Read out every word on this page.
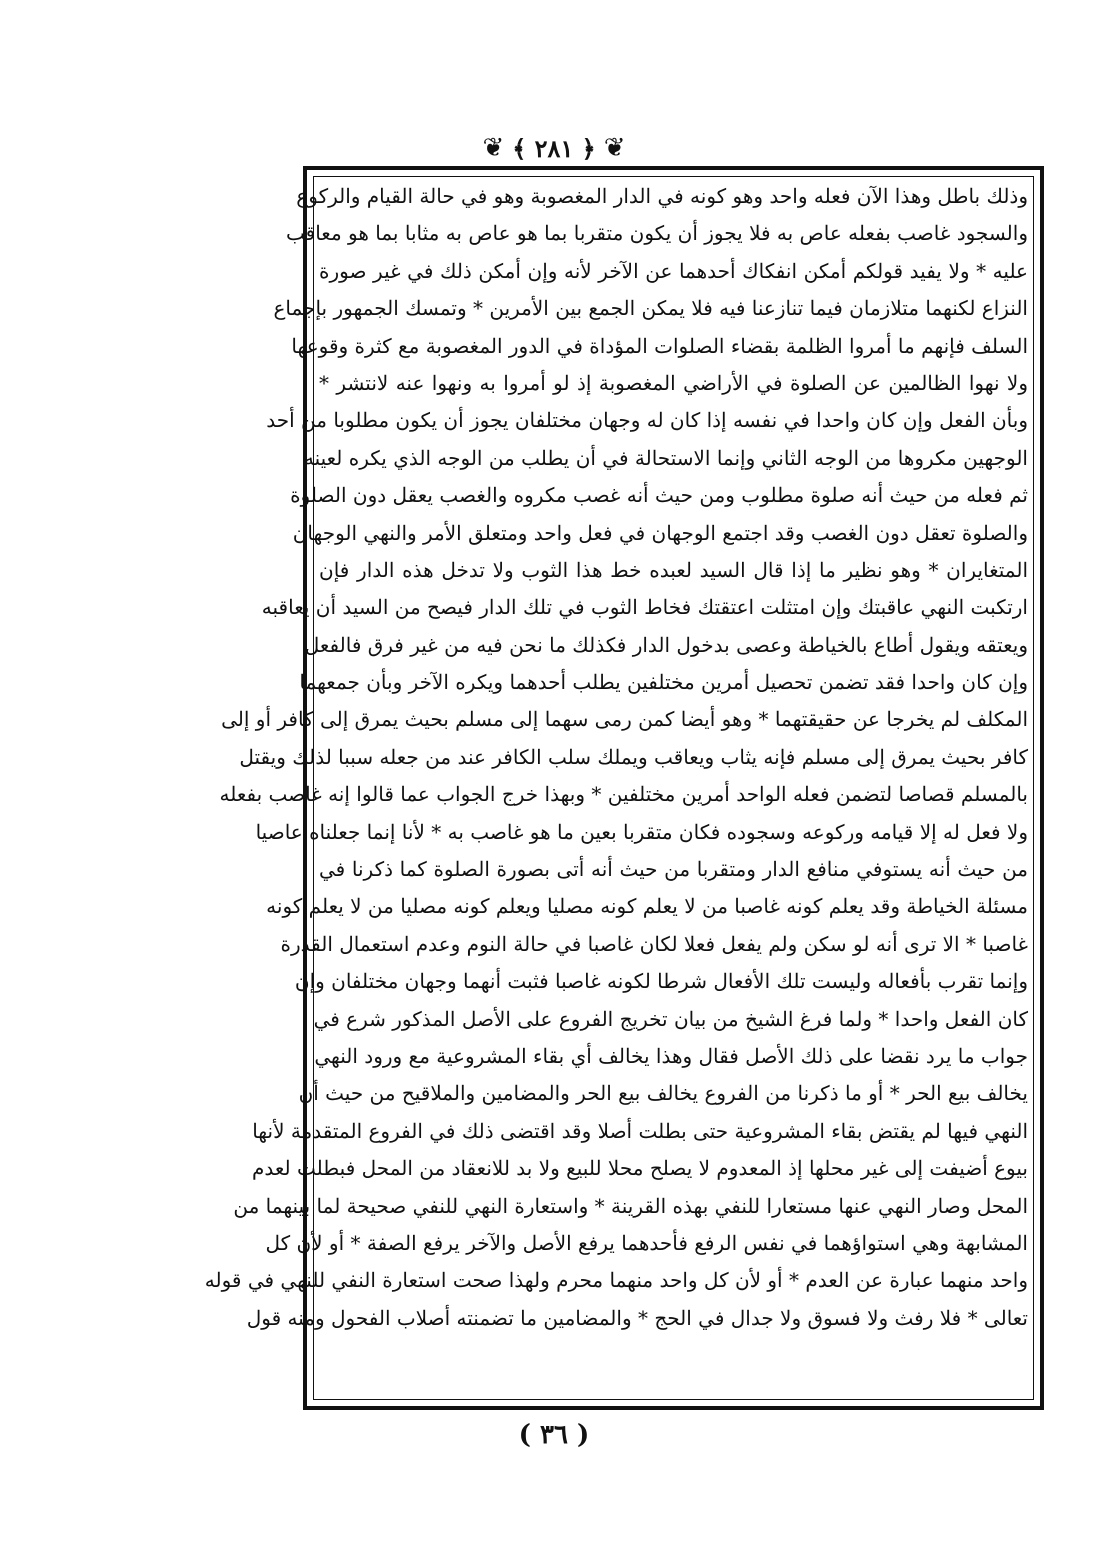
❦ ﴿ ٢٨١ ﴾ ❦
وذلك باطل وهذا الآن فعله واحد وهو كونه في الدار المغصوبة وهو في حالة القيام والركوع
والسجود غاصب بفعله عاص به فلا يجوز أن يكون متقربا بما هو عاص به مثابا بما هو معاقب
عليه * ولا يفيد قولكم أمكن انفكاك أحدهما عن الآخر لأنه وإن أمكن ذلك في غير صورة
النزاع لكنهما متلازمان فيما تنازعنا فيه فلا يمكن الجمع بين الأمرين * وتمسك الجمهور بإجماع
السلف فإنهم ما أمروا الظلمة بقضاء الصلوات المؤداة في الدور المغصوبة مع كثرة وقوعها
ولا نهوا الظالمين عن الصلوة في الأراضي المغصوبة إذ لو أمروا به ونهوا عنه لانتشر *
وبأن الفعل وإن كان واحدا في نفسه إذا كان له وجهان مختلفان يجوز أن يكون مطلوبا من أحد
الوجهين مكروها من الوجه الثاني وإنما الاستحالة في أن يطلب من الوجه الذي يكره لعينه
ثم فعله من حيث أنه صلوة مطلوب ومن حيث أنه غصب مكروه والغصب يعقل دون الصلوة
والصلوة تعقل دون الغصب وقد اجتمع الوجهان في فعل واحد ومتعلق الأمر والنهي الوجهان
المتغايران * وهو نظير ما إذا قال السيد لعبده خط هذا الثوب ولا تدخل هذه الدار فإن
ارتكبت النهي عاقبتك وإن امتثلت اعتقتك فخاط الثوب في تلك الدار فيصح من السيد أن يعاقبه
ويعتقه ويقول أطاع بالخياطة وعصى بدخول الدار فكذلك ما نحن فيه من غير فرق فالفعل
وإن كان واحدا فقد تضمن تحصيل أمرين مختلفين يطلب أحدهما ويكره الآخر وبأن جمعهما
المكلف لم يخرجا عن حقيقتهما * وهو أيضا كمن رمى سهما إلى مسلم بحيث يمرق إلى كافر أو إلى
كافر بحيث يمرق إلى مسلم فإنه يثاب ويعاقب ويملك سلب الكافر عند من جعله سببا لذلك ويقتل
بالمسلم قصاصا لتضمن فعله الواحد أمرين مختلفين * وبهذا خرج الجواب عما قالوا إنه غاصب بفعله
ولا فعل له إلا قيامه وركوعه وسجوده فكان متقربا بعين ما هو غاصب به * لأنا إنما جعلناه عاصيا
من حيث أنه يستوفي منافع الدار ومتقربا من حيث أنه أتى بصورة الصلوة كما ذكرنا في
مسئلة الخياطة وقد يعلم كونه غاصبا من لا يعلم كونه مصليا ويعلم كونه مصليا من لا يعلم كونه
غاصبا * الا ترى أنه لو سكن ولم يفعل فعلا لكان غاصبا في حالة النوم وعدم استعمال القدرة
وإنما تقرب بأفعاله وليست تلك الأفعال شرطا لكونه غاصبا فثبت أنهما وجهان مختلفان وإن
كان الفعل واحدا * ولما فرغ الشيخ من بيان تخريج الفروع على الأصل المذكور شرع في
جواب ما يرد نقضا على ذلك الأصل فقال وهذا يخالف أي بقاء المشروعية مع ورود النهي
يخالف بيع الحر * أو ما ذكرنا من الفروع يخالف بيع الحر والمضامين والملاقيح من حيث أن
النهي فيها لم يقتض بقاء المشروعية حتى بطلت أصلا وقد اقتضى ذلك في الفروع المتقدمة لأنها
بيوع أضيفت إلى غير محلها إذ المعدوم لا يصلح محلا للبيع ولا بد للانعقاد من المحل فبطلت لعدم
المحل وصار النهي عنها مستعارا للنفي بهذه القرينة * واستعارة النهي للنفي صحيحة لما بينهما من
المشابهة وهي استواؤهما في نفس الرفع فأحدهما يرفع الأصل والآخر يرفع الصفة * أو لأن كل
واحد منهما عبارة عن العدم * أو لأن كل واحد منهما محرم ولهذا صحت استعارة النفي للنهي في قوله
تعالى * فلا رفث ولا فسوق ولا جدال في الحج * والمضامين ما تضمنته أصلاب الفحول ومنه قول
( ٣٦ )
